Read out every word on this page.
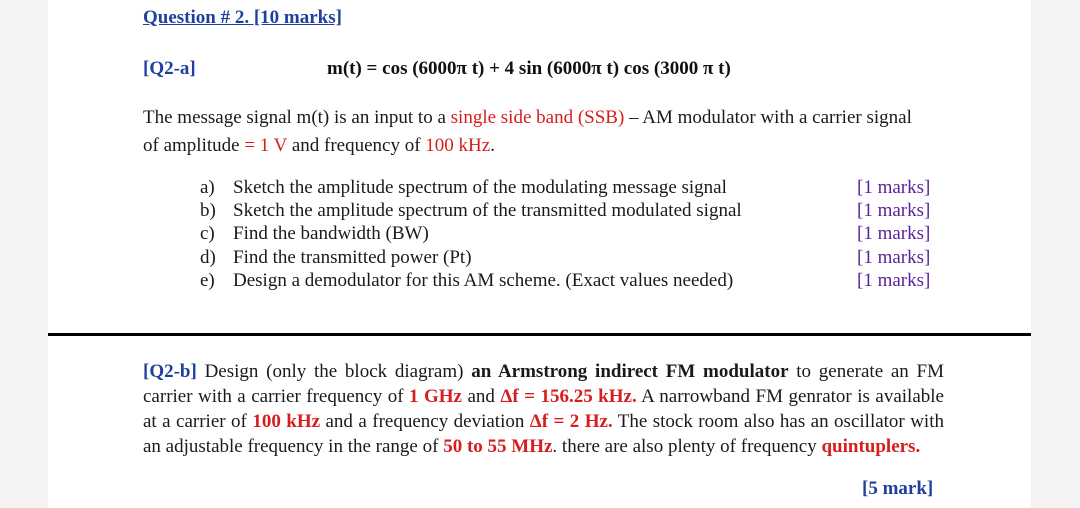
Question # 2. [10 marks]
[Q2-a]	m(t) = cos (6000π t) + 4 sin (6000π t) cos (3000 π t)
The message signal m(t) is an input to a single side band (SSB) – AM modulator with a carrier signal of amplitude = 1 V and frequency of 100 kHz.
a) Sketch the amplitude spectrum of the modulating message signal	[1 marks]
b) Sketch the amplitude spectrum of the transmitted modulated signal	[1 marks]
c) Find the bandwidth (BW)	[1 marks]
d) Find the transmitted power (Pt)	[1 marks]
e) Design a demodulator for this AM scheme. (Exact values needed)	[1 marks]
[Q2-b] Design (only the block diagram) an Armstrong indirect FM modulator to generate an FM carrier with a carrier frequency of 1 GHz and Δf = 156.25 kHz. A narrowband FM genrator is available at a carrier of 100 kHz and a frequency deviation Δf = 2 Hz. The stock room also has an oscillator with an adjustable frequency in the range of 50 to 55 MHz. there are also plenty of frequency quintuplers.
[5 mark]
